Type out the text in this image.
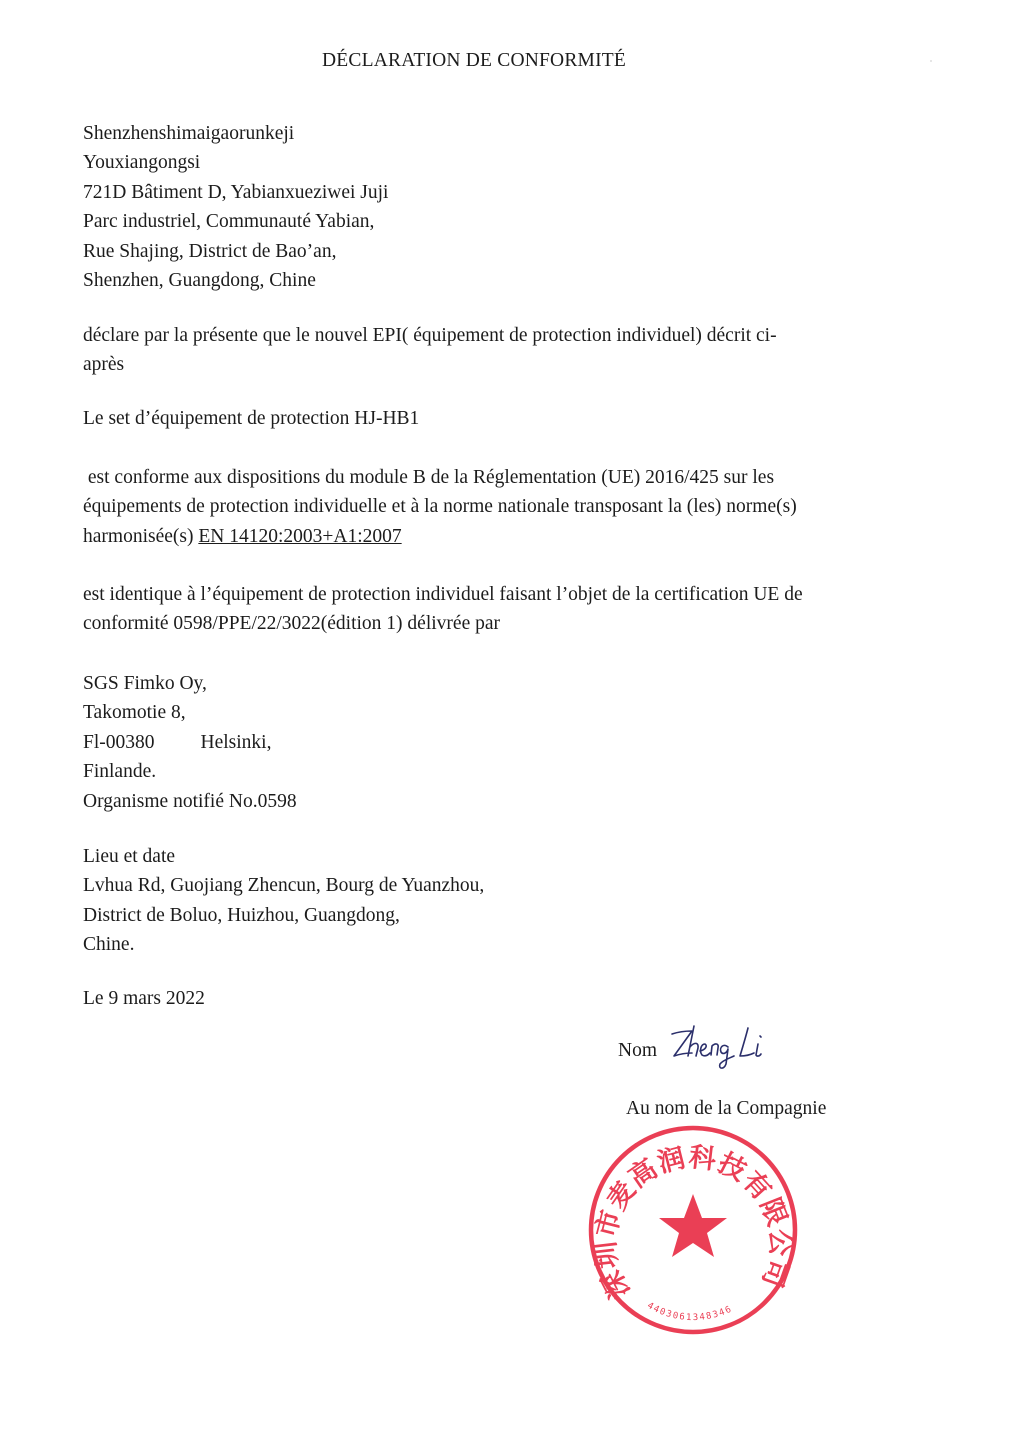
DÉCLARATION DE CONFORMITÉ
Shenzhenshimaigaorunkeji
Youxiangongsi
721D Bâtiment D, Yabianxueziwei Juji
Parc industriel, Communauté Yabian,
Rue Shajing, District de Bao’an,
Shenzhen, Guangdong, Chine
déclare par la présente que le nouvel EPI( équipement de protection individuel) décrit ci-
après
Le set d’équipement de protection HJ-HB1
est conforme aux dispositions du module B de la Réglementation (UE) 2016/425 sur les
équipements de protection individuelle et à la norme nationale transposant la (les) norme(s)
harmonisée(s) EN 14120:2003+A1:2007
est identique à l’équipement de protection individuel faisant l’objet de la certification UE de
conformité 0598/PPE/22/3022(édition 1) délivrée par
SGS Fimko Oy,
Takomotie 8,
Fl-00380 Helsinki,
Finlande.
Organisme notifié No.0598
Lieu et date
Lvhua Rd, Guojiang Zhencun, Bourg de Yuanzhou,
District de Boluo, Huizhou, Guangdong,
Chine.
Le 9 mars 2022
Nom
Au nom de la Compagnie
深圳市麦高润科技有限公司
4403061348346
